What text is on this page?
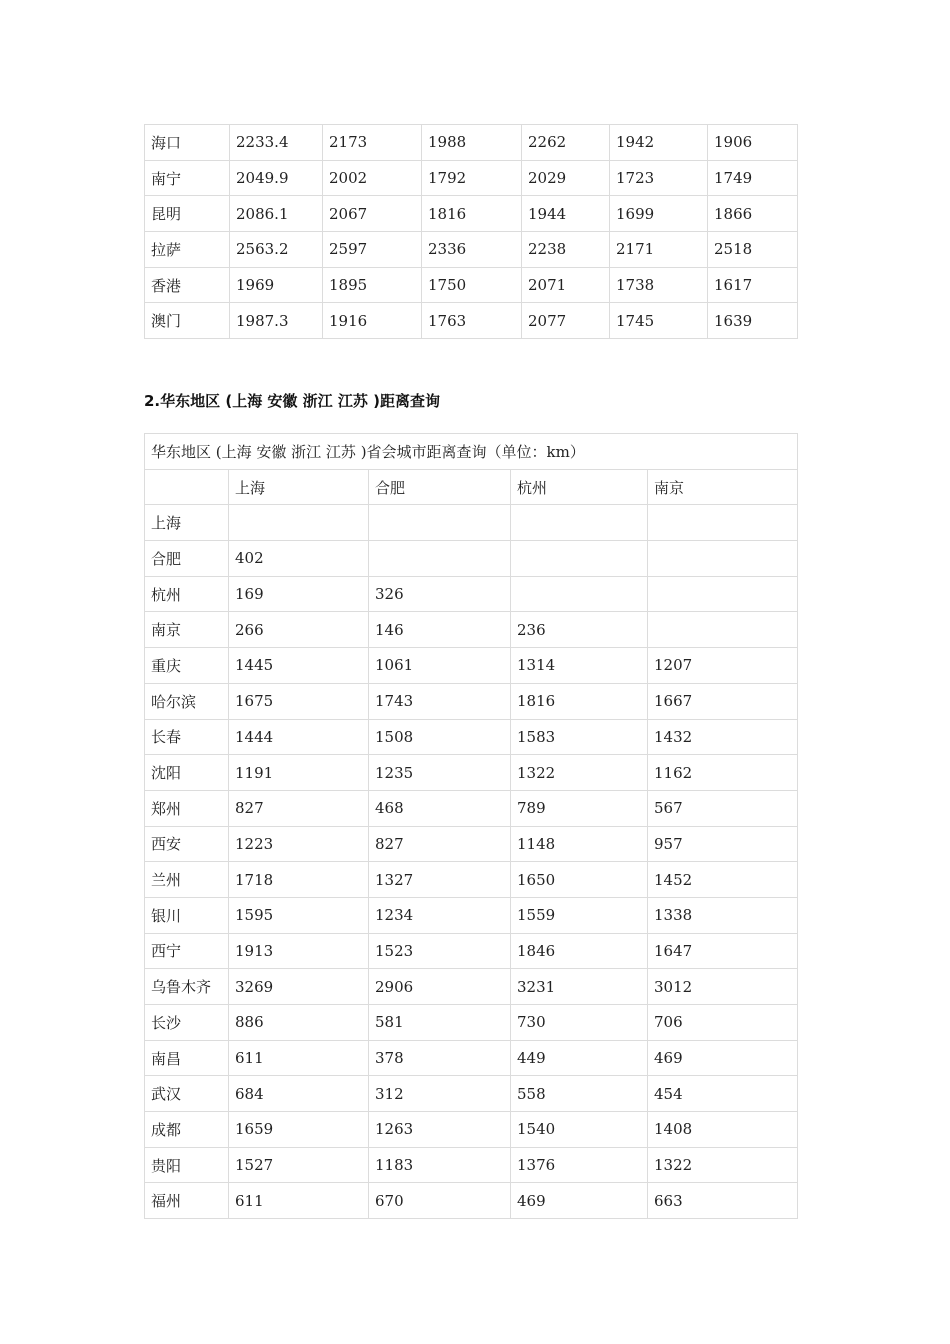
海口	2233.4	2173	1988	2262	1942	1906
南宁	2049.9	2002	1792	2029	1723	1749
昆明	2086.1	2067	1816	1944	1699	1866
拉萨	2563.2	2597	2336	2238	2171	2518
香港	1969	1895	1750	2071	1738	1617
澳门	1987.3	1916	1763	2077	1745	1639
2.华东地区 (上海 安徽 浙江 江苏 )距离查询
华东地区 (上海 安徽 浙江 江苏 )省会城市距离查询（单位：km）				
	上海	合肥	杭州	南京
上海				
合肥	402			
杭州	169	326		
南京	266	146	236	
重庆	1445	1061	1314	1207
哈尔滨	1675	1743	1816	1667
长春	1444	1508	1583	1432
沈阳	1191	1235	1322	1162
郑州	827	468	789	567
西安	1223	827	1148	957
兰州	1718	1327	1650	1452
银川	1595	1234	1559	1338
西宁	1913	1523	1846	1647
乌鲁木齐	3269	2906	3231	3012
长沙	886	581	730	706
南昌	611	378	449	469
武汉	684	312	558	454
成都	1659	1263	1540	1408
贵阳	1527	1183	1376	1322
福州	611	670	469	663
